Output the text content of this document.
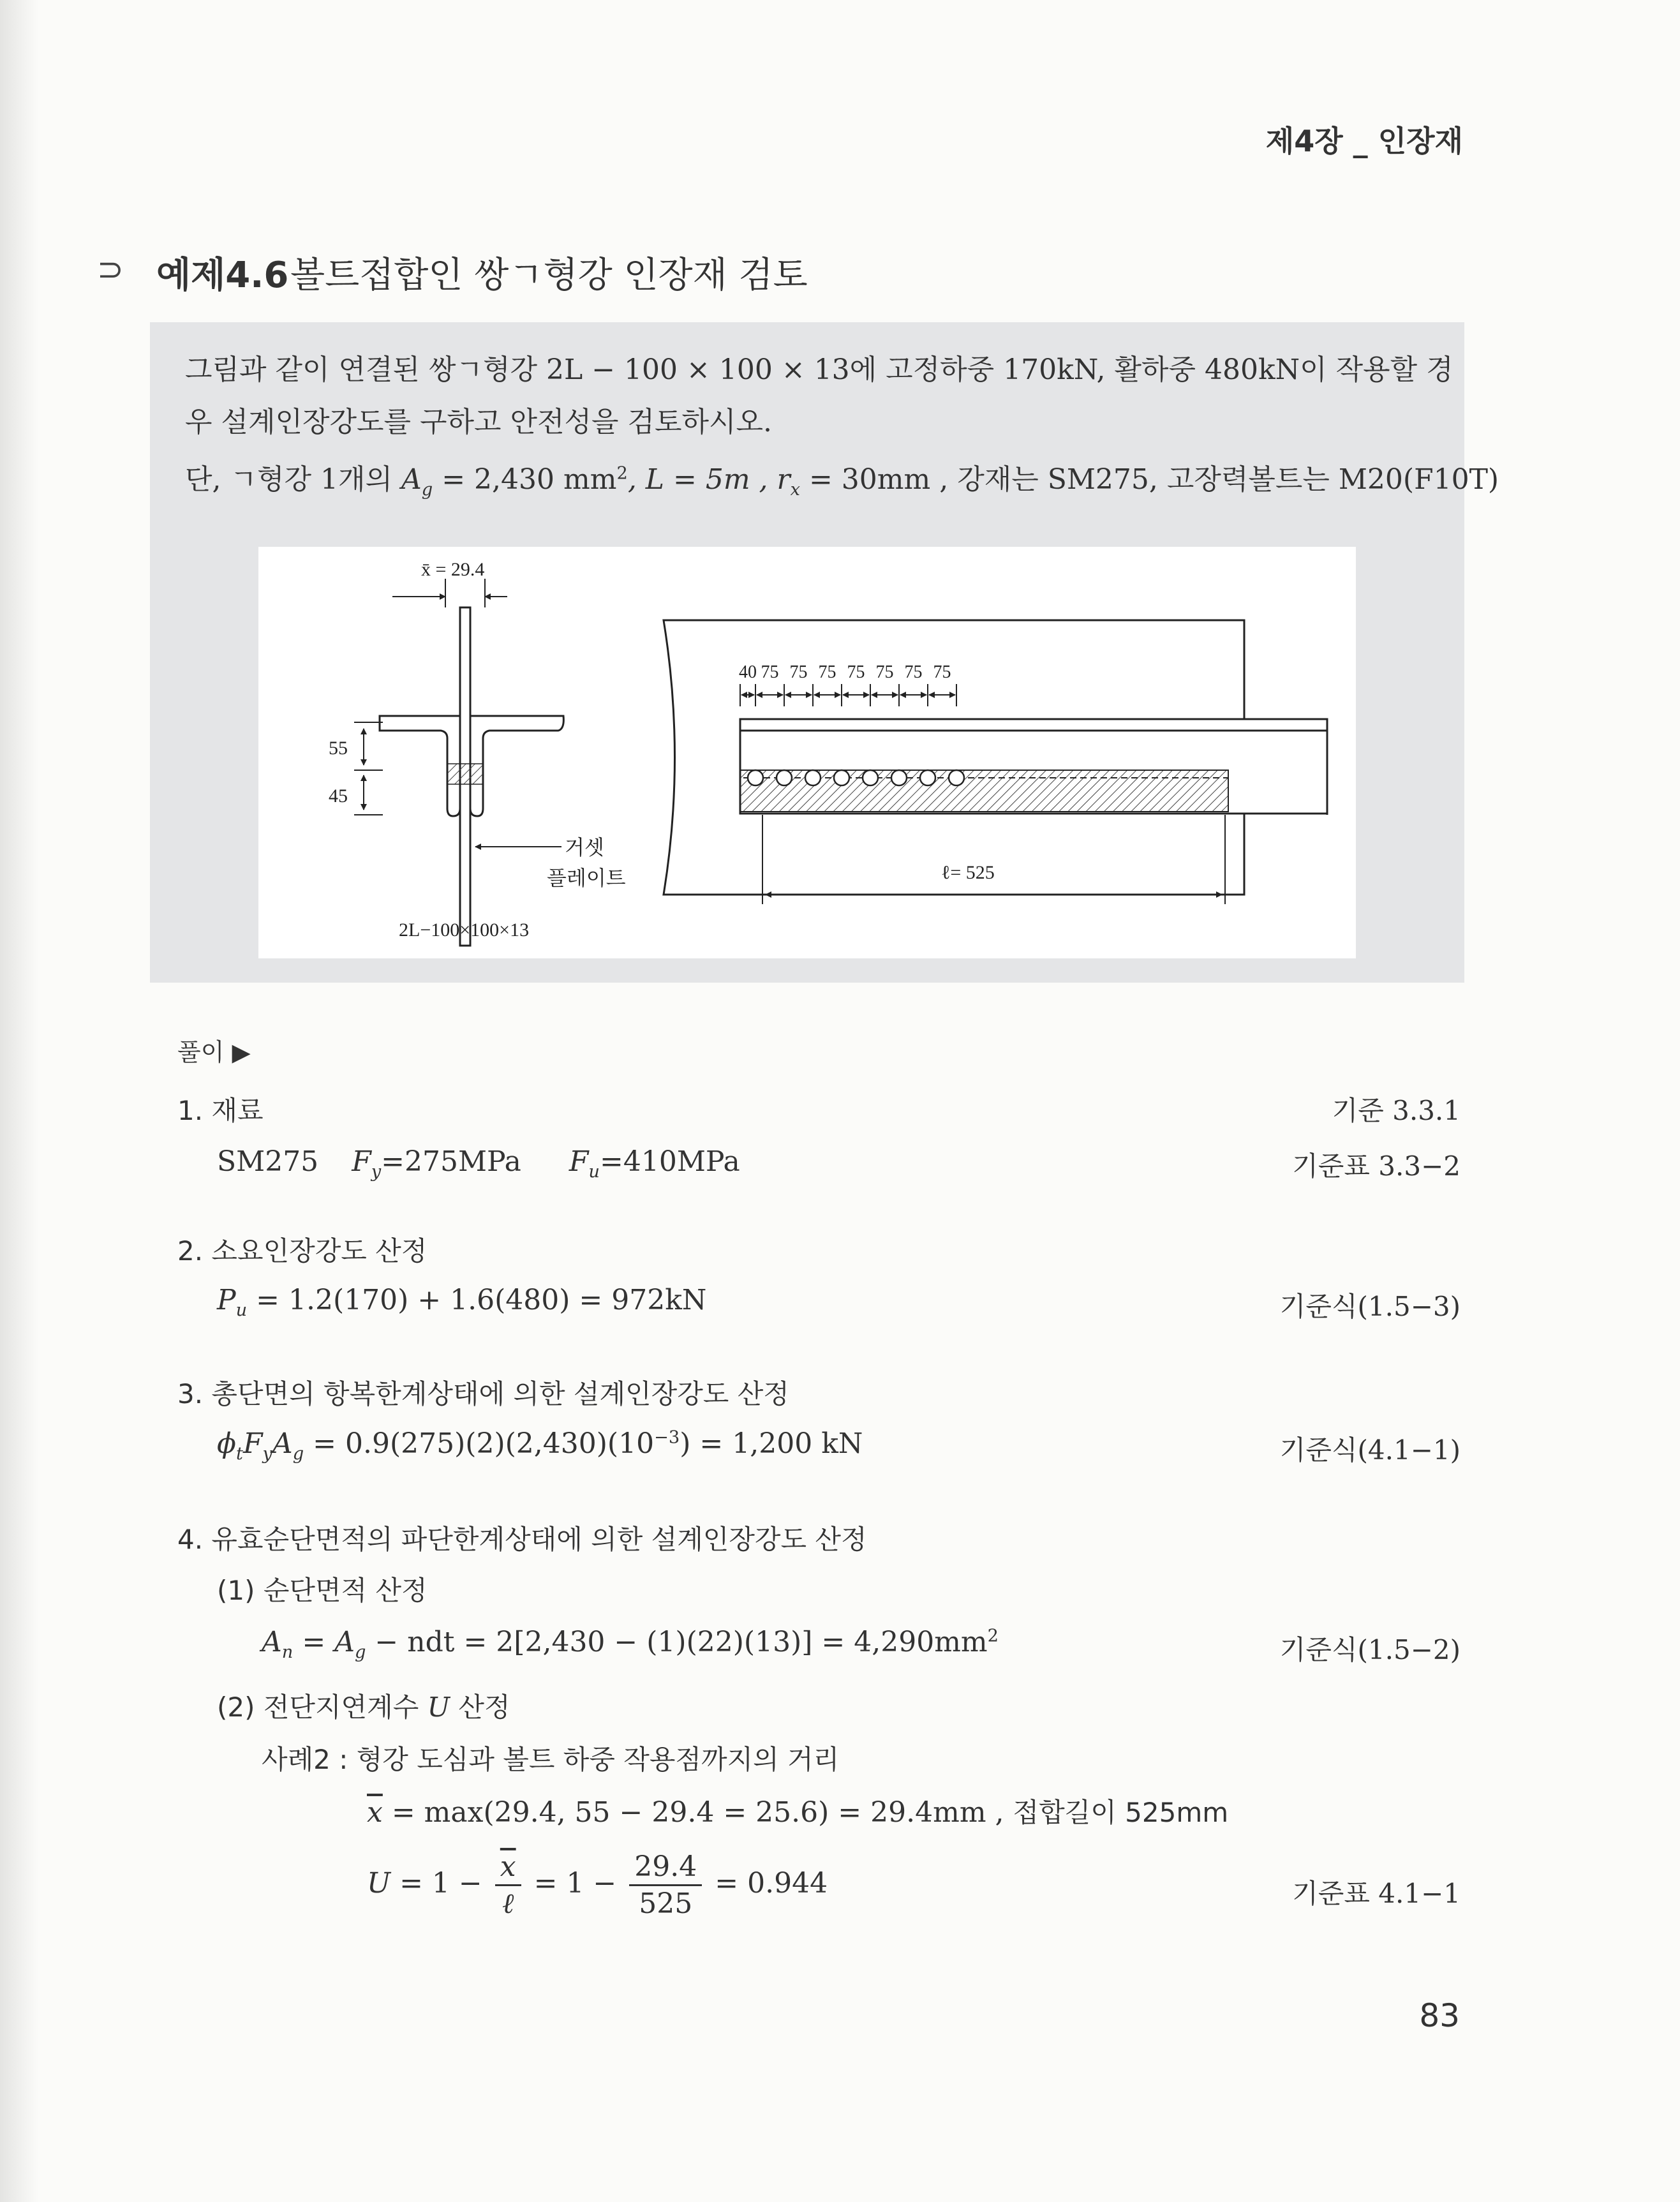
제4장 _ 인장재
⊃ 예제4.6 볼트접합인 쌍ㄱ형강 인장재 검토
그림과 같이 연결된 쌍ㄱ형강 2L − 100 × 100 × 13에 고정하중 170kN, 활하중 480kN이 작용할 경
우 설계인장강도를 구하고 안전성을 검토하시오.
단, ㄱ형강 1개의 $A_g = 2,430$ $mm^2$, L = 5m , $r_x = 30mm$ , 강재는 SM275, 고장력볼트는 M20(F10T)
x̄ = 29.4
55
45
거셋
플레이트
2L−100×100×13
40 75 75 75 75 75 75 75
ℓ= 525
풀이 ▶
1. 재료	기준 3.3.1
SM275 $F_y=275MPa$ $F_u=410MPa$	기준표 3.3−2
2. 소요인장강도 산정
$P_u = 1.2(170) + 1.6(480) = 972kN$	기준식(1.5−3)
3. 총단면의 항복한계상태에 의한 설계인장강도 산정
$\phi_tF_yA_g = 0.9(275)(2)(2,430)(10^{-3}) = 1,200$ kN	기준식(4.1−1)
4. 유효순단면적의 파단한계상태에 의한 설계인장강도 산정
(1) 순단면적 산정
$A_n = A_g$ − ndt = $2[2,430 - (1)(22)(13)] = 4,290mm^2$	기준식(1.5−2)
(2) 전단지연계수 U 산정
사례2 : 형강 도심과 볼트 하중 작용점까지의 거리
$\overline{x} = \max(29.4$, 55 − 29.4 = 25.6) = 29.4mm , 접합길이 525mm
$U = 1 - \frac{\overline{x}}{\text{ℓ}} = 1 - \frac{29.4}{525} = 0.944$	기준표 4.1−1
83
